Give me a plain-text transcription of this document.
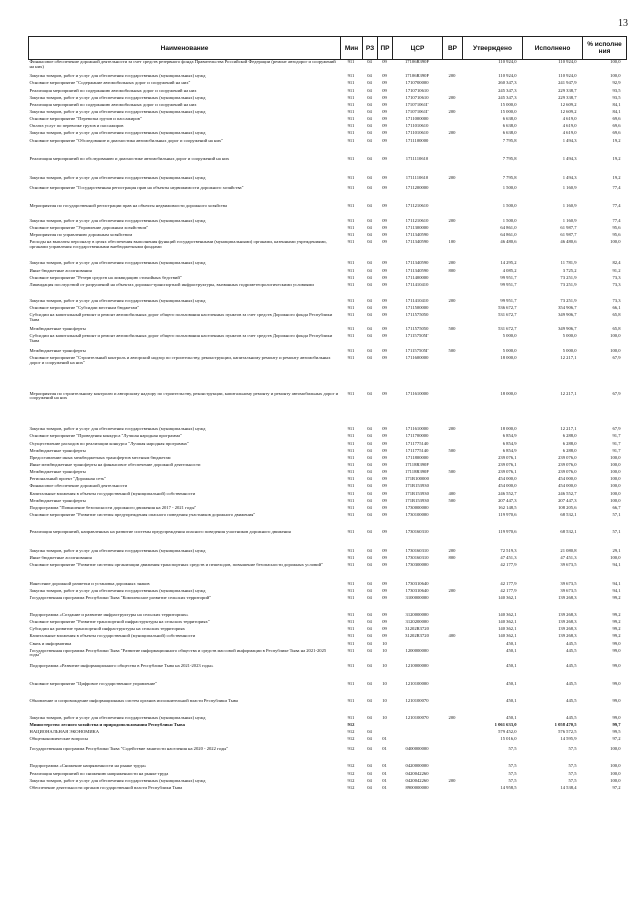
13
Наименование	Мин	РЗ	ПР	ЦСР	ВР	Утверждено	Исполнено	% исполне ния
Финансовое обеспечение дорожной деятельности за счет средств резервного фонда Правительства Российской Федерации (ремонт автодорог и сооружений на них)	911	04	09	17106R390F		110 924,0	110 924,0	100,0
Закупка товаров, работ и услуг для обеспечения государственных (муниципальных) нужд	911	04	09	17106R390F	200	110 924,0	110 924,0	100,0
Основное мероприятие "Содержание автомобильных дорог и сооружений на них"	911	04	09	1710700000		260 347,3	241 947,9	92,9
Реализация мероприятий по содержанию автомобильных дорог и сооружений на них	911	04	09	1710710610		245 347,3	229 338,7	93,5
Закупка товаров, работ и услуг для обеспечения государственных (муниципальных) нужд	911	04	09	1710710610	200	245 347,3	229 338,7	93,5
Реализация мероприятий по содержанию автомобильных дорог и сооружений на них	911	04	09	171071061Г		15 000,0	12 609,2	84,1
Закупка товаров, работ и услуг для обеспечения государственных (муниципальных) нужд	911	04	09	171071061Г	200	15 000,0	12 609,2	84,1
Основное мероприятие "Перевозка грузов и пассажиров"	911	04	09	1711000000		6 638,0	4 619,0	69,6
Оплата услуг по перевозке грузов и пассажиров	911	04	09	1711010610		6 638,0	4 619,0	69,6
Закупка товаров, работ и услуг для обеспечения государственных (муниципальных) нужд	911	04	09	1711010610	200	6 638,0	4 619,0	69,6
Основное мероприятие "Обследование и диагностика автомобильных дорог и сооружений на них"	911	04	09	1711100000		7 795,8	1 494,3	19,2
Реализация мероприятий по обследованию и диагностике автомобильных дорог и сооружений на них	911	04	09	1711110610		7 795,8	1 494,3	19,2
Закупка товаров, работ и услуг для обеспечения государственных (муниципальных) нужд	911	04	09	1711110610	200	7 795,8	1 494,3	19,2
Основное мероприятие "Государственная регистрация прав на объекты недвижимости дорожного хозяйства"	911	04	09	1711200000		1 500,0	1 160,9	77,4
Мероприятия по государственной регистрации прав на объекты недвижимости дорожного хозяйства	911	04	09	1711210610		1 500,0	1 160,9	77,4
Закупка товаров, работ и услуг для обеспечения государственных (муниципальных) нужд	911	04	09	1711210610	200	1 500,0	1 160,9	77,4
Основное мероприятие "Управление дорожным хозяйством"	911	04	09	1711300000		64 861,0	61 987,7	95,6
Мероприятия по управлению дорожным хозяйством	911	04	09	1711340590		64 861,0	61 987,7	95,6
Расходы на выплаты персоналу в целях обеспечения выполнения функций государственными (муниципальными) органами, казенными учреждениями, органами управления государственными внебюджетными фондами	911	04	09	1711340590	100	46 480,6	46 480,6	100,0
Закупка товаров, работ и услуг для обеспечения государственных (муниципальных) нужд	911	04	09	1711340590	200	14 295,2	11 781,9	82,4
Иные бюджетные ассигнования	911	04	09	1711340590	800	4 085,2	3 725,2	91,2
Основное мероприятие "Резерв средств на ликвидацию стихийных бедствий"	911	04	09	1711400000		99 951,7	73 251,9	73,3
Ликвидация последствий от разрушений на объектах дорожно-транспортной инфраструктуры, вызванных гидрометеорологическими условиями	911	04	09	1711410410		99 951,7	73 251,9	73,3
Закупка товаров, работ и услуг для обеспечения государственных (муниципальных) нужд	911	04	09	1711410410	200	99 951,7	73 251,9	73,3
Основное мероприятие "Субсидии местным бюджетам"	911	04	09	1711500000		536 672,7	354 906,7	66,1
Субсидии на капитальный ремонт и ремонт автомобильных дорог общего пользования населенных пунктов за счет средств Дорожного фонда Республики Тыва	911	04	09	1711575050		531 672,7	349 906,7	65,8
Межбюджетные трансферты	911	04	09	1711575050	500	531 672,7	349 906,7	65,8
Субсидии на капитальный ремонт и ремонт автомобильных дорог общего пользования населенных пунктов за счет средств Дорожного фонда Республики Тыва	911	04	09	171157505Г		5 000,0	5 000,0	100,0
Межбюджетные трансферты	911	04	09	171157505Г	500	5 000,0	5 000,0	100,0
Основное мероприятие "Строительный контроль и авторский надзор по строительству, реконструкции, капитальному ремонту и ремонту автомобильных дорог и сооружений на них"	911	04	09	1711600000		18 000,0	12 217,1	67,9
Мероприятия по строительному контролю и авторскому надзору по строительству, реконструкции, капитальному ремонту и ремонту автомобильных дорог и сооружений на них	911	04	09	1711610000		18 000,0	12 217,1	67,9
Закупка товаров, работ и услуг для обеспечения государственных (муниципальных) нужд	911	04	09	1711610000	200	18 000,0	12 217,1	67,9
Основное мероприятие "Проведения конкурса "Лучшая народная программа"	911	04	09	1711700000		6 854,9	6 288,0	91,7
Осуществление расходов по реализации конкурса "Лучшая народная программа"	911	04	09	1711775140		6 854,9	6 288,0	91,7
Межбюджетные трансферты	911	04	09	1711775140	500	6 854,9	6 288,0	91,7
Предоставление иных межбюджетных трансфертов местным бюджетам	911	04	09	1711800000		239 076,1	239 076,0	100,0
Иные межбюджетные трансферты на финансовое обеспечение дорожной деятельности	911	04	09	17118R390F		239 076,1	239 076,0	100,0
Межбюджетные трансферты	911	04	09	17118R390F	500	239 076,1	239 076,0	100,0
Региональный проект "Дорожная сеть"	911	04	09	171R100000		454 000,0	454 000,0	100,0
Финансовое обеспечение дорожной деятельности	911	04	09	171R153930		454 000,0	454 000,0	100,0
Капитальные вложения в объекты государственной (муниципальной) собственности	911	04	09	171R153930	400	246 552,7	246 552,7	100,0
Межбюджетные трансферты	911	04	09	171R153930	500	207 447,3	207 447,3	100,0
Подпрограмма "Повышение безопасности дорожного движения на 2017 - 2021 годы"	911	04	09	1730000000		162 148,5	108 205,6	66,7
Основное мероприятие "Развитие системы предупреждения опасного поведения участников дорожного движения"	911	04	09	1730100000		119 970,6	68 532,1	57,1
Реализация мероприятий, направленных на развитие системы предупреждения опасного поведения участников дорожного движения	911	04	09	1730160310		119 970,6	68 532,1	57,1
Закупка товаров, работ и услуг для обеспечения государственных (муниципальных) нужд	911	04	09	1730160310	200	72 519,3	21 080,8	29,1
Иные бюджетные ассигнования	911	04	09	1730160310	800	47 451,3	47 451,3	100,0
Основное мероприятие "Развитие системы организации движения транспортных средств и пешеходов, повышение безопасности дорожных условий"	911	04	09	1730300000		42 177,9	39 673,5	94,1
Нанесение дорожной разметки и установка дорожных знаков	911	04	09	1730310640		42 177,9	39 673,5	94,1
Закупка товаров, работ и услуг для обеспечения государственных (муниципальных) нужд	911	04	09	1730310640	200	42 177,9	39 673,5	94,1
Государственная программа Республики Тыва "Комплексное развитие сельских территорий"	911	04	09	3100000000		140 362,1	139 268,3	99,2
Подпрограмма «Создание и развитие инфраструктуры на сельских территориях»	911	04	09	3120000000		140 362,1	139 268,3	99,2
Основное мероприятие "Развитие транспортной инфраструктуры на сельских территориях"	911	04	09	3120200000		140 362,1	139 268,3	99,2
Субсидии на развитие транспортной инфраструктуры на сельских территориях	911	04	09	31202R3720		140 362,1	139 268,3	99,2
Капитальные вложения в объекты государственной (муниципальной) собственности	911	04	09	31202R3720	400	140 362,1	139 268,3	99,2
Связь и информатика	911	04	10			450,1	445,5	99,0
Государственная программа Республики Тыва "Развитие информационного общества и средств массовой информации в Республике Тыва на 2021-2025 годы"	911	04	10	1200000000		450,1	445,5	99,0
Подпрограмма «Развитие информационного общества в Республике Тыва на 2021-2023 годы»	911	04	10	1210000000		450,1	445,5	99,0
Основное мероприятие "Цифровое государственное управление"	911	04	10	1210100000		450,1	445,5	99,0
Обновление и сопровождение информационных систем органов исполнительной власти Республики Тыва	911	04	10	1210100070		450,1	445,5	99,0
Закупка товаров, работ и услуг для обеспечения государственных (муниципальных) нужд	911	04	10	1210100070	200	450,1	445,5	99,0
Министерство лесного хозяйства и природопользования Республики Тыва	912					1 061 633,0	1 058 470,5	99,7
НАЦИОНАЛЬНАЯ ЭКОНОМИКА	912	04				579 452,0	576 572,5	99,5
Общеэкономические вопросы	912	04	01			15 016,0	14 595,9	97,2
Государственная программа Республики Тыва "Содействие занятости населения на 2020 - 2022 годы"	912	04	01	0400000000		57,5	57,5	100,0
Подпрограмма «Снижение напряженности на рынке труда»	912	04	01	0420000000		57,5	57,5	100,0
Реализация мероприятий по снижению напряженности на рынке труда	912	04	01	0420042260		57,5	57,5	100,0
Закупка товаров, работ и услуг для обеспечения государственных (муниципальных) нужд	912	04	01	0420042260	200	57,5	57,5	100,0
Обеспечение деятельности органов государственной власти Республики Тыва	912	04	01	8900000000		14 958,5	14 538,4	97,2
